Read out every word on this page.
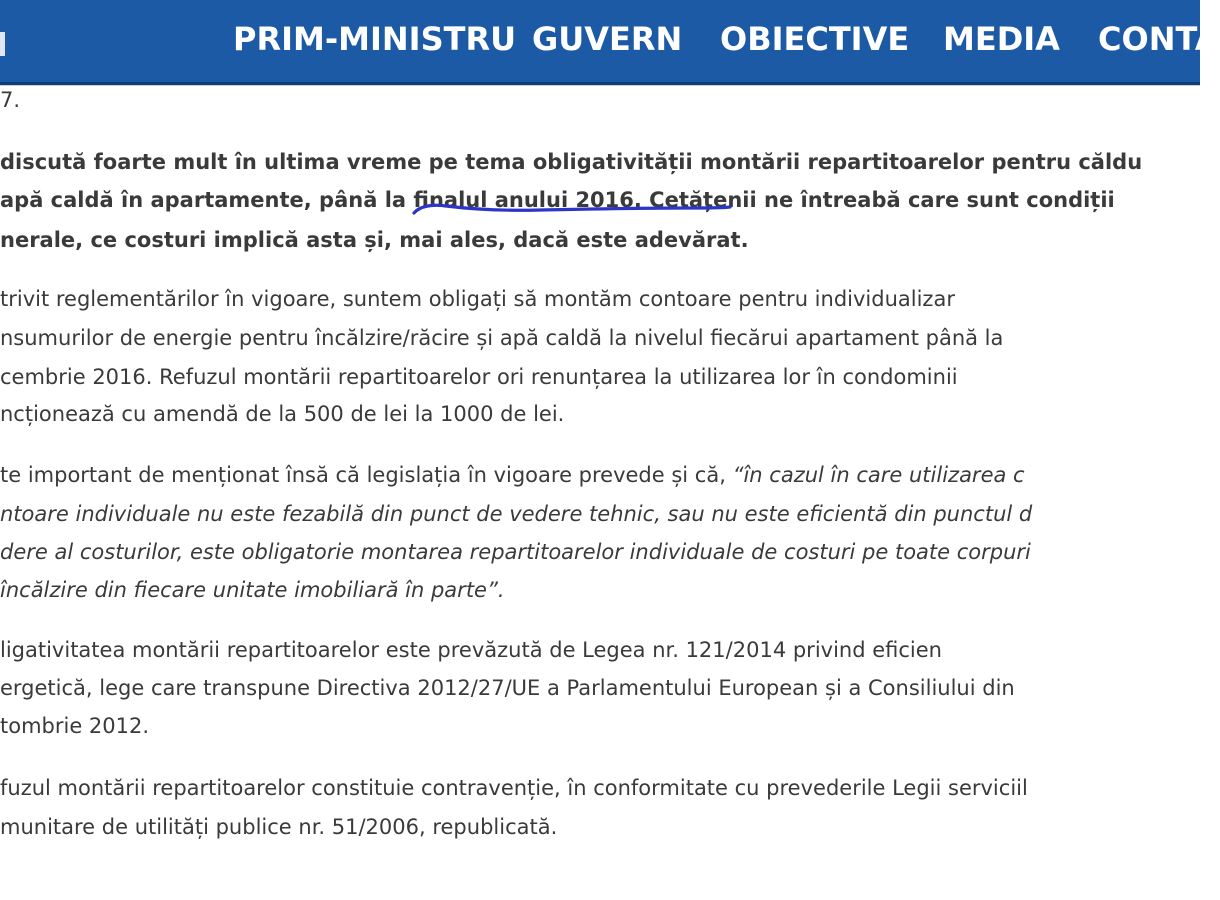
PRIM-MINISTRU GUVERN OBIECTIVE MEDIA CONTA
7.
discută foarte mult în ultima vreme pe tema obligativității montării repartitoarelor pentru căldu
apă caldă în apartamente, până la finalul anului 2016. Cetățenii ne întreabă care sunt condiții
nerale, ce costuri implică asta și, mai ales, dacă este adevărat.
trivit reglementărilor în vigoare, suntem obligați să montăm contoare pentru individualizar
nsumurilor de energie pentru încălzire/răcire și apă caldă la nivelul fiecărui apartament până la
cembrie 2016. Refuzul montării repartitoarelor ori renunțarea la utilizarea lor în condominii
ncționează cu amendă de la 500 de lei la 1000 de lei.
te important de menționat însă că legislația în vigoare prevede și că, “în cazul în care utilizarea c
ntoare individuale nu este fezabilă din punct de vedere tehnic, sau nu este eficientă din punctul d
dere al costurilor, este obligatorie montarea repartitoarelor individuale de costuri pe toate corpuri
încălzire din fiecare unitate imobiliară în parte”.
ligativitatea montării repartitoarelor este prevăzută de Legea nr. 121/2014 privind eficien
ergetică, lege care transpune Directiva 2012/27/UE a Parlamentului European și a Consiliului din
tombrie 2012.
fuzul montării repartitoarelor constituie contravenție, în conformitate cu prevederile Legii serviciil
munitare de utilități publice nr. 51/2006, republicată.
